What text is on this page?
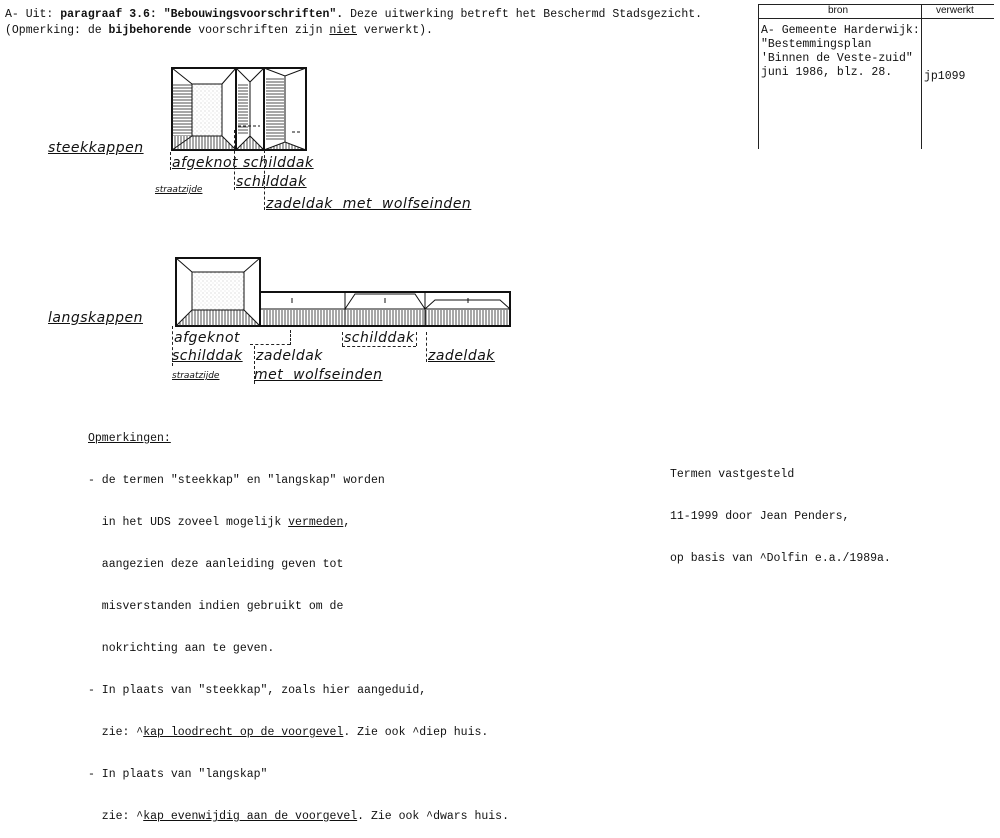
A- Uit: paragraaf 3.6: "Bebouwingsvoorschriften". Deze uitwerking betreft het Beschermd Stadsgezicht.
(Opmerking: de bijbehorende voorschriften zijn niet verwerkt).
bron	verwerkt
A- Gemeente Harderwijk:
"Bestemmingsplan
'Binnen de Veste-zuid"
juni 1986, blz. 28.	jp1099
steekkappen
afgeknot schilddak
schilddak
zadeldak  met  wolfseinden
straatzijde
langskappen
afgeknot
schilddak zadeldak
met  wolfseinden
schilddak
zadeldak
straatzijde

Opmerkingen:

- de termen "steekkap" en "langskap" worden

in het UDS zoveel mogelijk vermeden,

aangezien deze aanleiding geven tot

misverstanden indien gebruikt om de

nokrichting aan te geven.

- In plaats van "steekkap", zoals hier aangeduid,

zie: ^kap loodrecht op de voorgevel. Zie ook ^diep huis.

- In plaats van "langskap"

zie: ^kap evenwijdig aan de voorgevel. Zie ook ^dwars huis.

Termen vastgesteld

11-1999 door Jean Penders,

op basis van ^Dolfin e.a./1989a.
